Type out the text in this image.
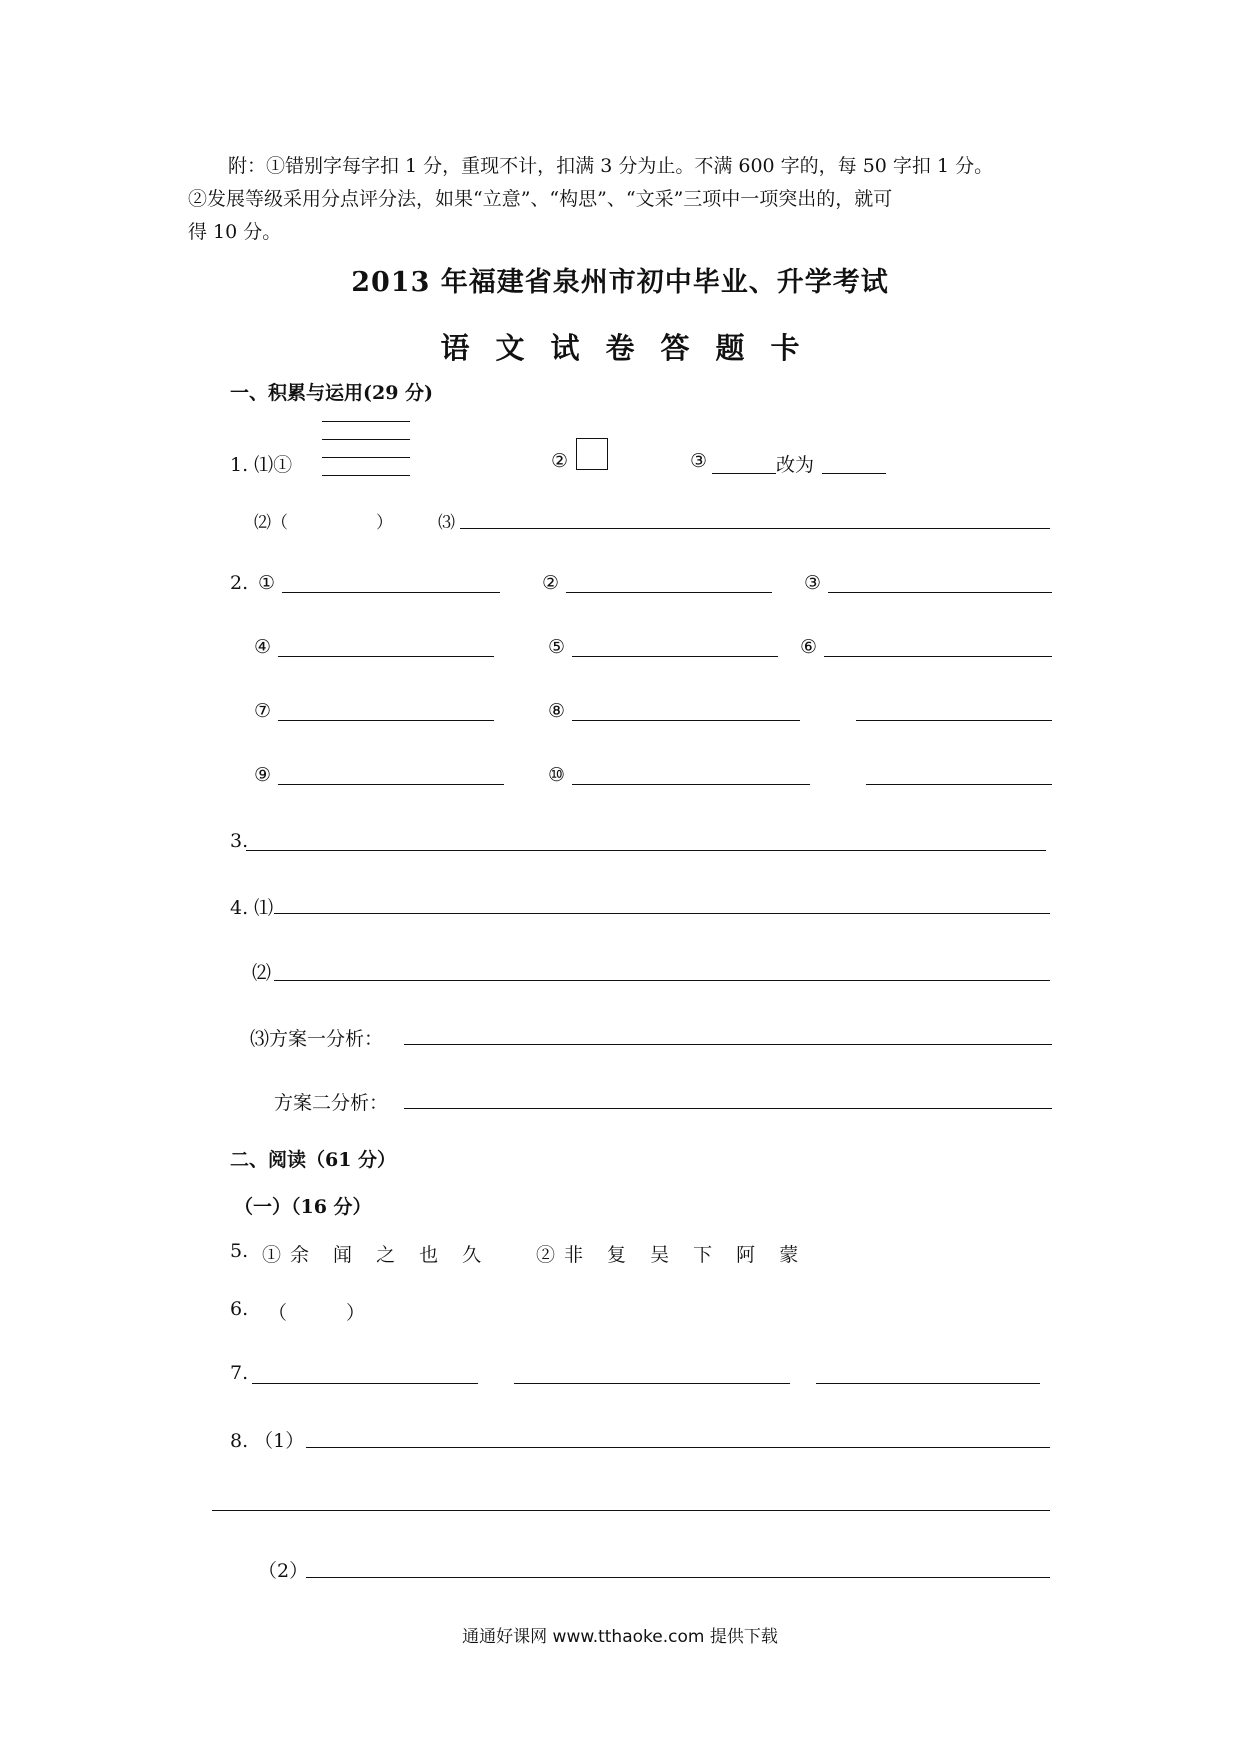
附：①错别字每字扣 1 分，重现不计，扣满 3 分为止。不满 600 字的，每 50 字扣 1 分。
②发展等级采用分点评分法，如果“立意”、“构思”、“文采”三项中一项突出的，就可
得 10 分。
2013 年福建省泉州市初中毕业、升学考试
语文试卷答题卡
一、积累与运用(29 分)
1. ⑴①	②	③	改为
⑵（	）	⑶
2. ①	②	③
④	⑤	⑥
⑦	⑧
⑨	⑩
3.
4. ⑴
⑵
⑶方案一分析：
方案二分析：
二、阅读（61 分）
（一）（16 分）
5. ①余 闻 之 也 久 ②非 复 吴 下 阿 蒙
6. （	）
7.
8. （1）
（2）
通通好课网 www.tthaoke.com 提供下载
